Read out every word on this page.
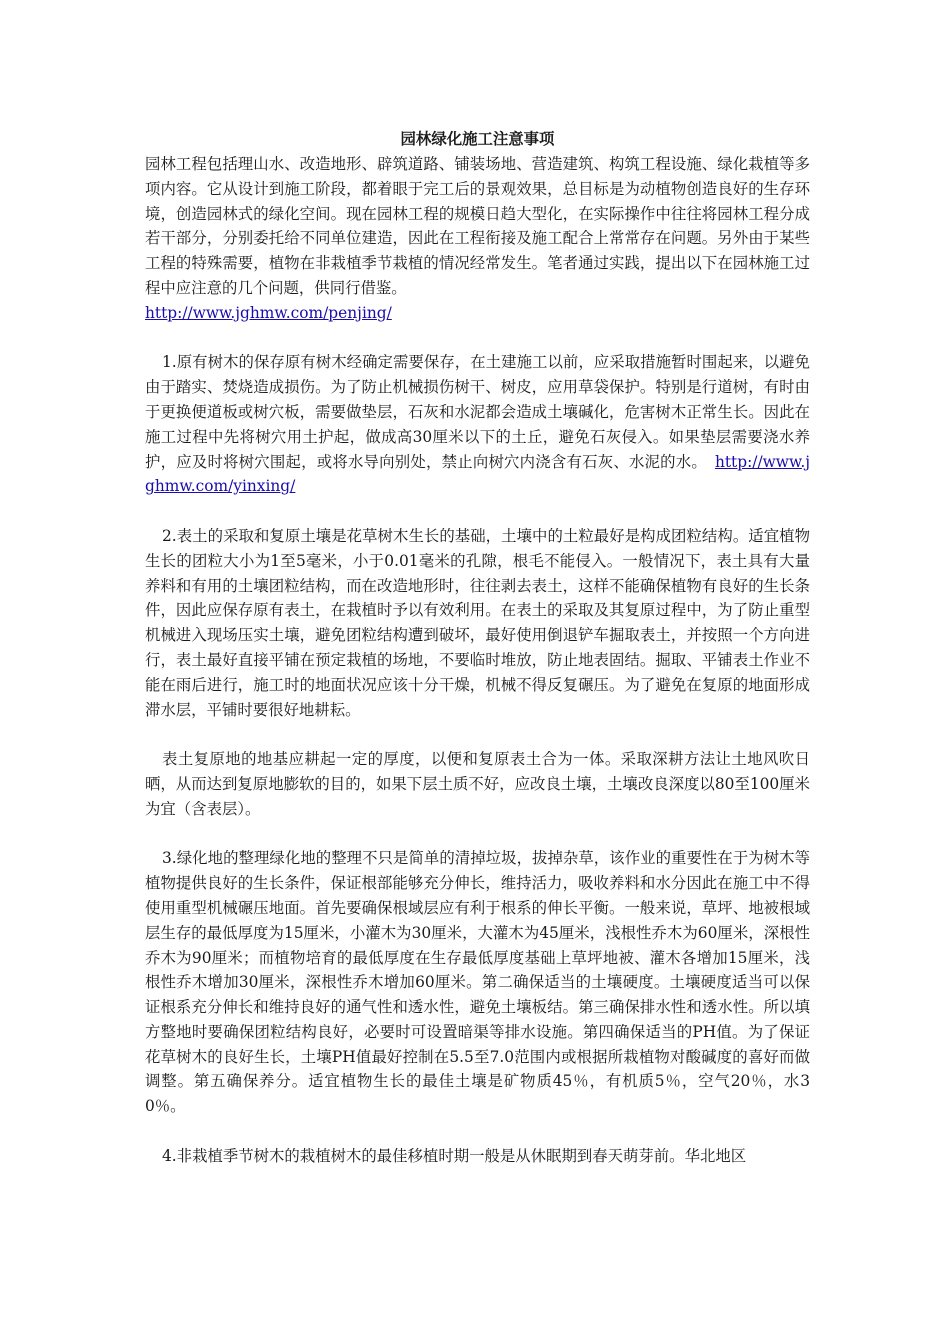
园林绿化施工注意事项

园林工程包括理山水、改造地形、辟筑道路、铺装场地、营造建筑、构筑工程设施、绿化栽植等多项内容。它从设计到施工阶段，都着眼于完工后的景观效果，总目标是为动植物创造良好的生存环境，创造园林式的绿化空间。现在园林工程的规模日趋大型化，在实际操作中往往将园林工程分成若干部分，分别委托给不同单位建造，因此在工程衔接及施工配合上常常存在问题。另外由于某些工程的特殊需要，植物在非栽植季节栽植的情况经常发生。笔者通过实践，提出以下在园林施工过程中应注意的几个问题，供同行借鉴。
http://www.jghmw.com/penjing/

1.原有树木的保存原有树木经确定需要保存，在土建施工以前，应采取措施暂时围起来，以避免由于踏实、焚烧造成损伤。为了防止机械损伤树干、树皮，应用草袋保护。特别是行道树，有时由于更换便道板或树穴板，需要做垫层，石灰和水泥都会造成土壤碱化，危害树木正常生长。因此在施工过程中先将树穴用土护起，做成高30厘米以下的土丘，避免石灰侵入。如果垫层需要浇水养护，应及时将树穴围起，或将水导向别处，禁止向树穴内浇含有石灰、水泥的水。　 http://www.jghmw.com/yinxing/

2.表土的采取和复原土壤是花草树木生长的基础，土壤中的土粒最好是构成团粒结构。适宜植物生长的团粒大小为1至5毫米，小于0.01毫米的孔隙，根毛不能侵入。一般情况下，表土具有大量养料和有用的土壤团粒结构，而在改造地形时，往往剥去表土，这样不能确保植物有良好的生长条件，因此应保存原有表土，在栽植时予以有效利用。在表土的采取及其复原过程中，为了防止重型机械进入现场压实土壤，避免团粒结构遭到破坏，最好使用倒退铲车掘取表土，并按照一个方向进行，表土最好直接平铺在预定栽植的场地，不要临时堆放，防止地表固结。掘取、平铺表土作业不能在雨后进行，施工时的地面状况应该十分干燥，机械不得反复碾压。为了避免在复原的地面形成滞水层，平铺时要很好地耕耘。

表土复原地的地基应耕起一定的厚度，以便和复原表土合为一体。采取深耕方法让土地风吹日晒，从而达到复原地膨软的目的，如果下层土质不好，应改良土壤，土壤改良深度以80至100厘米为宜（含表层）。

3.绿化地的整理绿化地的整理不只是简单的清掉垃圾，拔掉杂草，该作业的重要性在于为树木等植物提供良好的生长条件，保证根部能够充分伸长，维持活力，吸收养料和水分因此在施工中不得使用重型机械碾压地面。首先要确保根域层应有利于根系的伸长平衡。一般来说，草坪、地被根域层生存的最低厚度为15厘米，小灌木为30厘米，大灌木为45厘米，浅根性乔木为60厘米，深根性乔木为90厘米；而植物培育的最低厚度在生存最低厚度基础上草坪地被、灌木各增加15厘米，浅根性乔木增加30厘米，深根性乔木增加60厘米。第二确保适当的土壤硬度。土壤硬度适当可以保证根系充分伸长和维持良好的通气性和透水性，避免土壤板结。第三确保排水性和透水性。所以填方整地时要确保团粒结构良好，必要时可设置暗渠等排水设施。第四确保适当的PH值。为了保证花草树木的良好生长，土壤PH值最好控制在5.5至7.0范围内或根据所栽植物对酸碱度的喜好而做调整。第五确保养分。适宜植物生长的最佳土壤是矿物质45％，有机质5％，空气20％，水30％。

4.非栽植季节树木的栽植树木的最佳移植时期一般是从休眠期到春天萌芽前。华北地区
